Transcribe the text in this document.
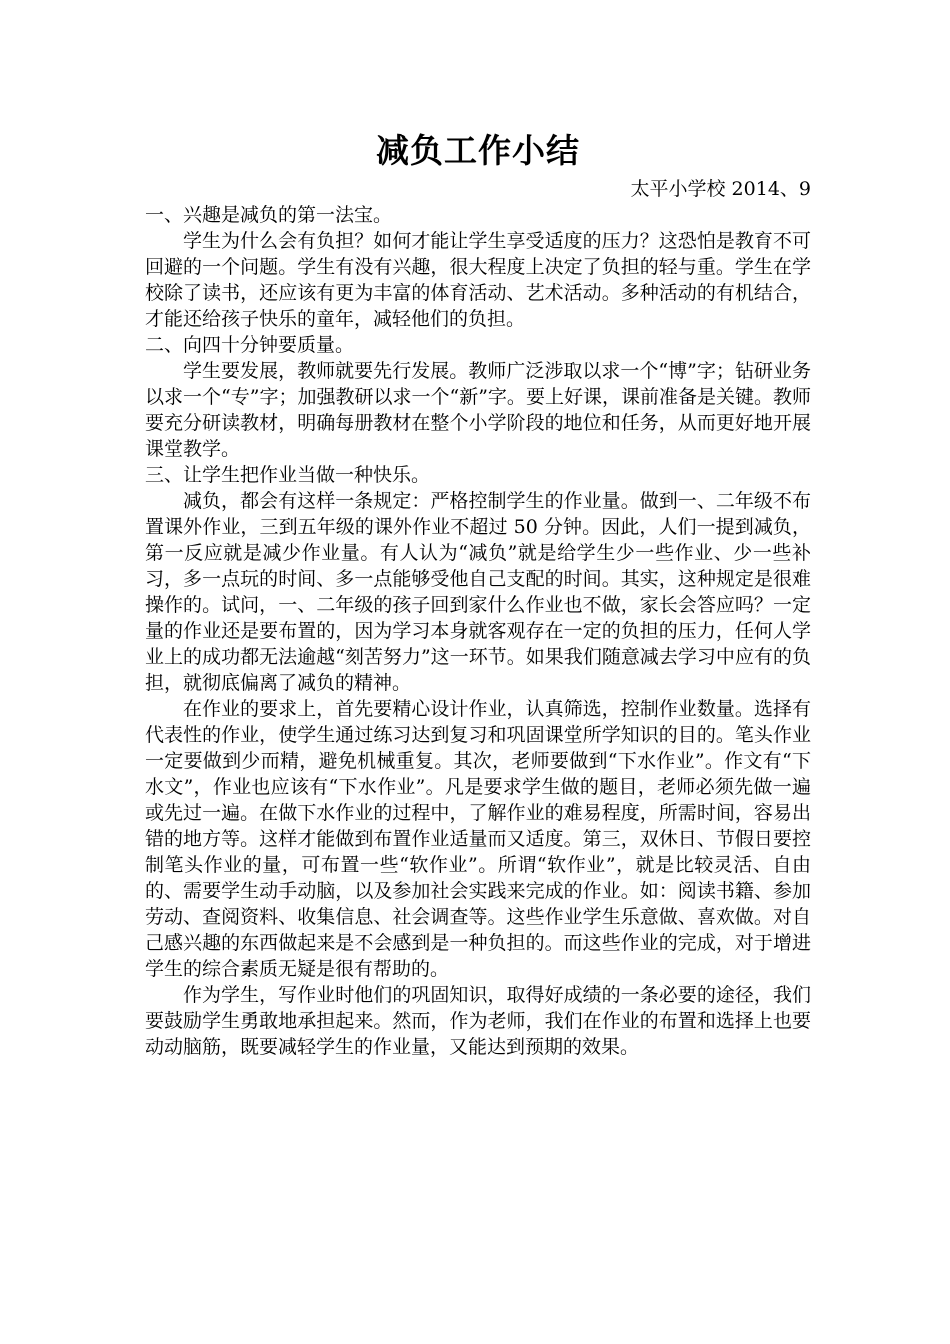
减负工作小结

太平小学校 2014、9

一、兴趣是减负的第一法宝。

学生为什么会有负担？如何才能让学生享受适度的压力？这恐怕是教育不可回避的一个问题。学生有没有兴趣，很大程度上决定了负担的轻与重。学生在学校除了读书，还应该有更为丰富的体育活动、艺术活动。多种活动的有机结合，才能还给孩子快乐的童年，减轻他们的负担。

二、向四十分钟要质量。

学生要发展，教师就要先行发展。教师广泛涉取以求一个“博”字；钻研业务以求一个“专”字；加强教研以求一个“新”字。要上好课，课前准备是关键。教师要充分研读教材，明确每册教材在整个小学阶段的地位和任务，从而更好地开展课堂教学。

三、让学生把作业当做一种快乐。

减负，都会有这样一条规定：严格控制学生的作业量。做到一、二年级不布置课外作业，三到五年级的课外作业不超过 50 分钟。因此，人们一提到减负，第一反应就是减少作业量。有人认为“减负”就是给学生少一些作业、少一些补习，多一点玩的时间、多一点能够受他自己支配的时间。其实，这种规定是很难操作的。试问，一、二年级的孩子回到家什么作业也不做，家长会答应吗？一定量的作业还是要布置的，因为学习本身就客观存在一定的负担的压力，任何人学业上的成功都无法逾越“刻苦努力”这一环节。如果我们随意减去学习中应有的负担，就彻底偏离了减负的精神。

在作业的要求上，首先要精心设计作业，认真筛选，控制作业数量。选择有代表性的作业，使学生通过练习达到复习和巩固课堂所学知识的目的。笔头作业一定要做到少而精，避免机械重复。其次，老师要做到“下水作业”。作文有“下水文”，作业也应该有“下水作业”。凡是要求学生做的题目，老师必须先做一遍或先过一遍。在做下水作业的过程中，了解作业的难易程度，所需时间，容易出错的地方等。这样才能做到布置作业适量而又适度。第三，双休日、节假日要控制笔头作业的量，可布置一些“软作业”。所谓“软作业”，就是比较灵活、自由的、需要学生动手动脑，以及参加社会实践来完成的作业。如：阅读书籍、参加劳动、查阅资料、收集信息、社会调查等。这些作业学生乐意做、喜欢做。对自己感兴趣的东西做起来是不会感到是一种负担的。而这些作业的完成，对于增进学生的综合素质无疑是很有帮助的。

作为学生，写作业时他们的巩固知识，取得好成绩的一条必要的途径，我们要鼓励学生勇敢地承担起来。然而，作为老师，我们在作业的布置和选择上也要动动脑筋，既要减轻学生的作业量，又能达到预期的效果。
